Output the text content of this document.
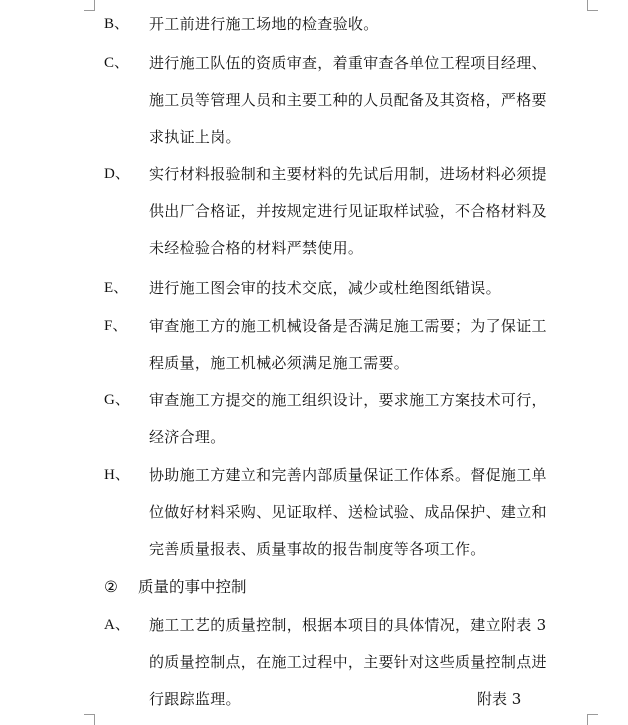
B、 开工前进行施工场地的检查验收。
C、 进行施工队伍的资质审查，着重审查各单位工程项目经理、
施工员等管理人员和主要工种的人员配备及其资格，严格要
求执证上岗。
D、 实行材料报验制和主要材料的先试后用制，进场材料必须提
供出厂合格证，并按规定进行见证取样试验，不合格材料及
未经检验合格的材料严禁使用。
E、 进行施工图会审的技术交底，减少或杜绝图纸错误。
F、 审查施工方的施工机械设备是否满足施工需要；为了保证工
程质量，施工机械必须满足施工需要。
G、 审查施工方提交的施工组织设计，要求施工方案技术可行，
经济合理。
H、 协助施工方建立和完善内部质量保证工作体系。督促施工单
位做好材料采购、见证取样、送检试验、成品保护、建立和
完善质量报表、质量事故的报告制度等各项工作。
② 质量的事中控制
A、 施工工艺的质量控制，根据本项目的具体情况，建立附表 3
的质量控制点，在施工过程中，主要针对这些质量控制点进
行跟踪监理。	附表 3
